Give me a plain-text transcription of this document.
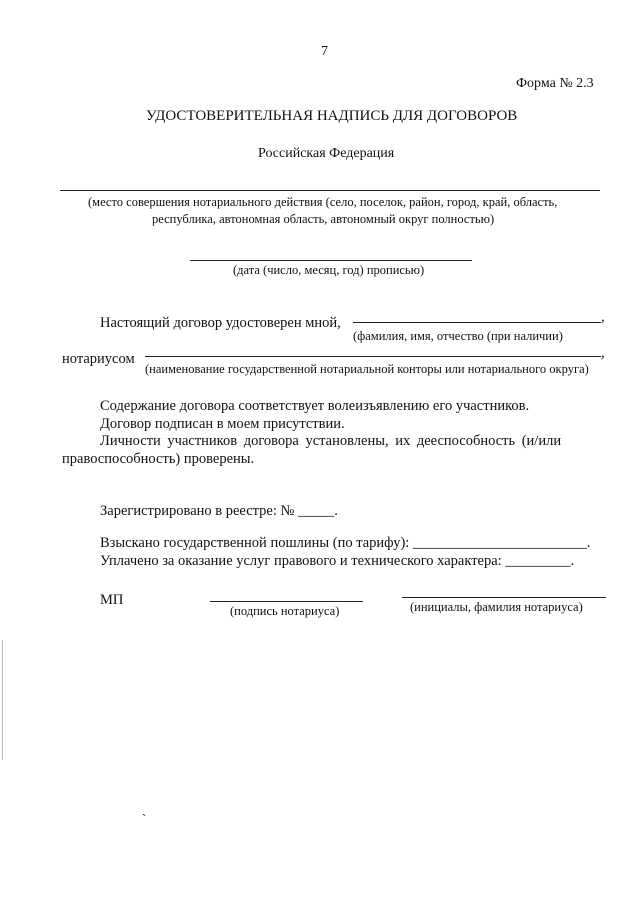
7
Форма № 2.3
УДОСТОВЕРИТЕЛЬНАЯ НАДПИСЬ ДЛЯ ДОГОВОРОВ
Российская Федерация
(место совершения нотариального действия (село, поселок, район, город, край, область,
республика, автономная область, автономный округ полностью)
(дата (число, месяц, год) прописью)
Настоящий договор удостоверен мной,	,
(фамилия, имя, отчество (при наличии)
нотариусом	,
(наименование государственной нотариальной конторы или нотариального округа)
Содержание договора соответствует волеизъявлению его участников.
Договор подписан в моем присутствии.
Личности участников договора установлены, их дееспособность (и/или
правоспособность) проверены.
Зарегистрировано в реестре: № _____.
Взыскано государственной пошлины (по тарифу): ________________________.
Уплачено за оказание услуг правового и технического характера: _________.
МП
(подпись нотариуса)	(инициалы, фамилия нотариуса)
`
